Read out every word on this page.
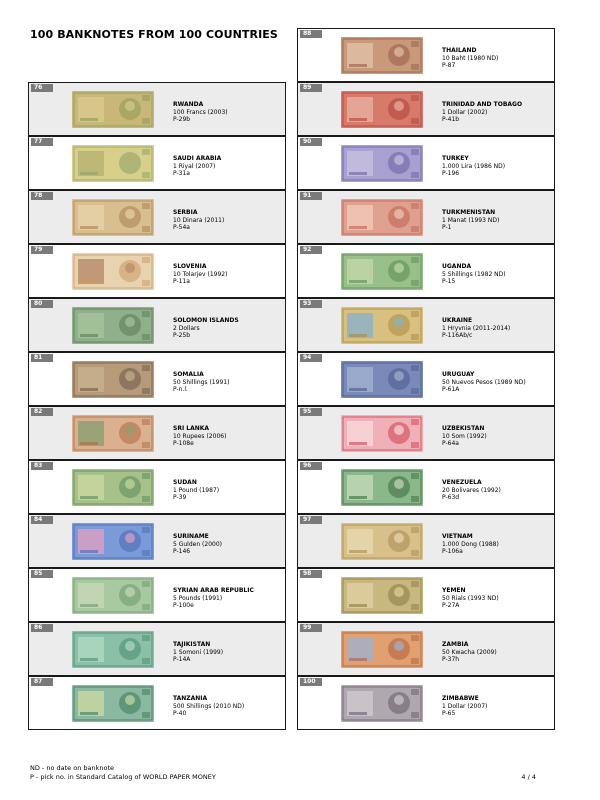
100 BANKNOTES FROM 100 COUNTRIES
76
RWANDA
100 Francs (2003)
P-29b
77
SAUDI ARABIA
1 Riyal (2007)
P-31a
78
SERBIA
10 Dinara (2011)
P-54a
79
SLOVENIA
10 Tolarjev (1992)
P-11a
80
SOLOMON ISLANDS
2 Dollars
P-25b
81
SOMALIA
50 Shillings (1991)
P-n.l.
82
SRI LANKA
10 Rupees (2006)
P-108e
83
SUDAN
1 Pound (1987)
P-39
84
SURINAME
5 Gulden (2000)
P-146
85
SYRIAN ARAB REPUBLIC
5 Pounds (1991)
P-100e
86
TAJIKISTAN
1 Somoni (1999)
P-14A
87
TANZANIA
500 Shillings (2010 ND)
P-40
88
THAILAND
10 Baht (1980 ND)
P-87
89
TRINIDAD AND TOBAGO
1 Dollar (2002)
P-41b
90
TURKEY
1.000 Lira (1986 ND)
P-196
91
TURKMENISTAN
1 Manat (1993 ND)
P-1
92
UGANDA
5 Shillings (1982 ND)
P-15
93
UKRAINE
1 Hryvnia (2011-2014)
P-116Ab/c
94
URUGUAY
50 Nuevos Pesos (1989 ND)
P-61A
95
UZBEKISTAN
10 Som (1992)
P-64a
96
VENEZUELA
20 Bolivares (1992)
P-63d
97
VIETNAM
1.000 Dong (1988)
P-106a
98
YEMEN
50 Rials (1993 ND)
P-27A
99
ZAMBIA
50 Kwacha (2009)
P-37h
100
ZIMBABWE
1 Dollar (2007)
P-65
ND - no date on banknote
P - pick no. in Standard Catalog of WORLD PAPER MONEY	4 / 4
